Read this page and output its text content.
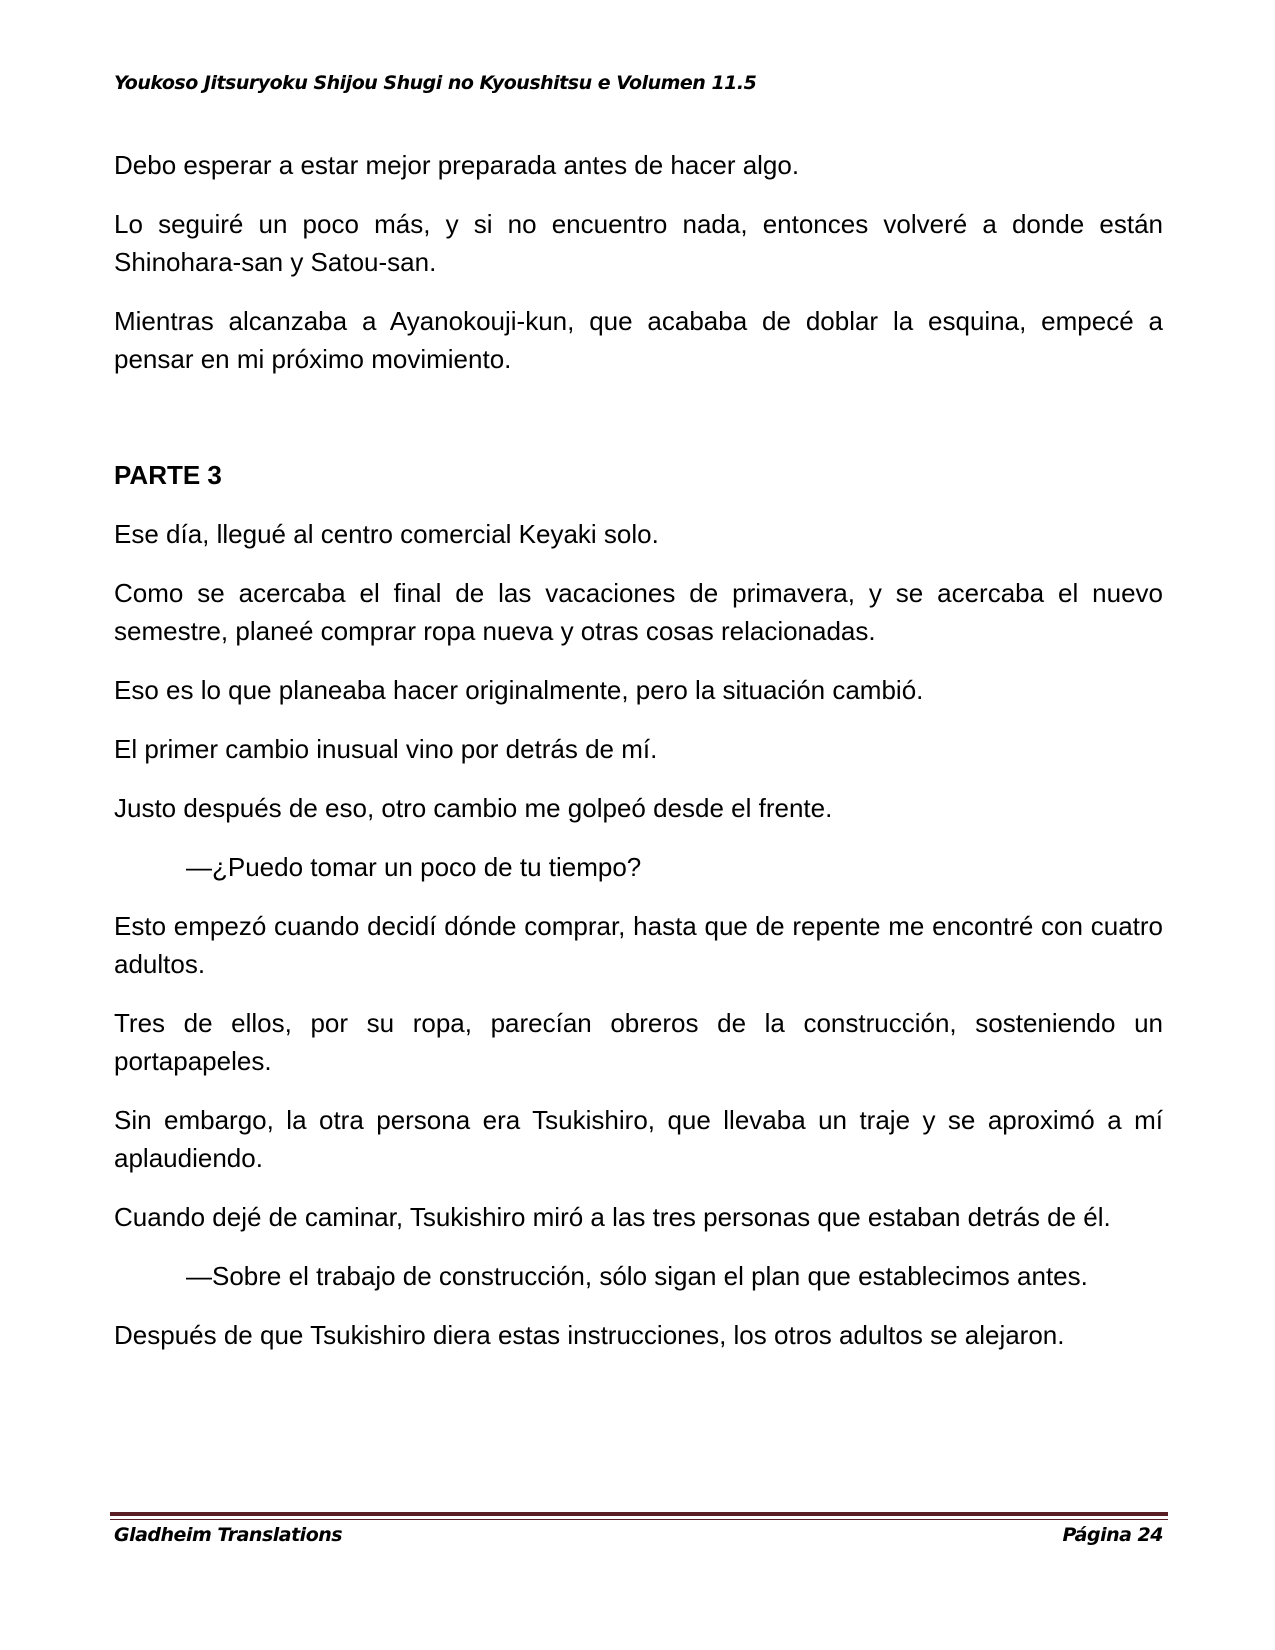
Youkoso Jitsuryoku Shijou Shugi no Kyoushitsu e Volumen 11.5

Debo esperar a estar mejor preparada antes de hacer algo.

Lo seguiré un poco más, y si no encuentro nada, entonces volveré a donde están Shinohara-san y Satou-san.

Mientras alcanzaba a Ayanokouji-kun, que acababa de doblar la esquina, empecé a pensar en mi próximo movimiento.

PARTE 3

Ese día, llegué al centro comercial Keyaki solo.

Como se acercaba el final de las vacaciones de primavera, y se acercaba el nuevo semestre, planeé comprar ropa nueva y otras cosas relacionadas.

Eso es lo que planeaba hacer originalmente, pero la situación cambió.

El primer cambio inusual vino por detrás de mí.

Justo después de eso, otro cambio me golpeó desde el frente.

—¿Puedo tomar un poco de tu tiempo?

Esto empezó cuando decidí dónde comprar, hasta que de repente me encontré con cuatro adultos.

Tres de ellos, por su ropa, parecían obreros de la construcción, sosteniendo un portapapeles.

Sin embargo, la otra persona era Tsukishiro, que llevaba un traje y se aproximó a mí aplaudiendo.

Cuando dejé de caminar, Tsukishiro miró a las tres personas que estaban detrás de él.

—Sobre el trabajo de construcción, sólo sigan el plan que establecimos antes.

Después de que Tsukishiro diera estas instrucciones, los otros adultos se alejaron.

Gladheim Translations	Página 24
